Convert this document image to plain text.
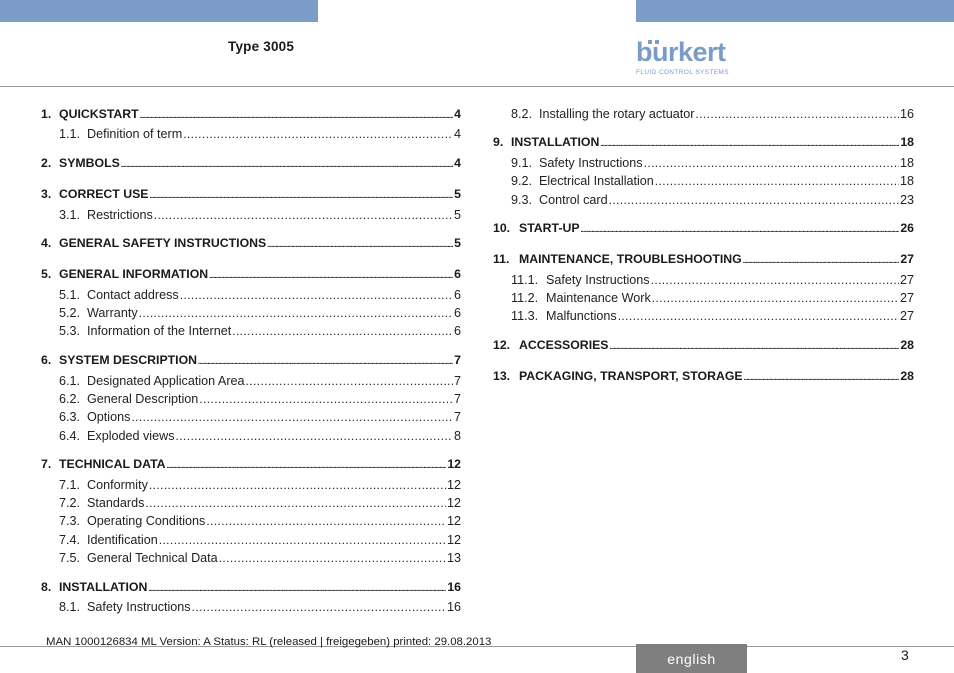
Type 3005	burkert
FLUID CONTROL SYSTEMS
1. QUICKSTART .....	4
1.1. Definition of term .....	4
2. SYMBOLS .....	4
3. CORRECT USE .....	5
3.1. Restrictions .....	5
4. GENERAL SAFETY INSTRUCTIONS .....	5
5. GENERAL INFORMATION .....	6
5.1. Contact address .....	6
5.2. Warranty .....	6
5.3. Information of the Internet .....	6
6. SYSTEM DESCRIPTION .....	7
6.1. Designated Application Area .....	7
6.2. General Description .....	7
6.3. Options .....	7
6.4. Exploded views .....	8
7. TECHNICAL DATA .....	12
7.1. Conformity .....	12
7.2. Standards .....	12
7.3. Operating Conditions .....	12
7.4. Identification .....	12
7.5. General Technical Data .....	13
8. INSTALLATION .....	16
8.1. Safety Instructions .....	16
8.2. Installing the rotary actuator .....	16
9. INSTALLATION .....	18
9.1. Safety Instructions .....	18
9.2. Electrical Installation .....	18
9.3. Control card .....	23
10. START-UP .....	26
11. MAINTENANCE, TROUBLESHOOTING .....	27
11.1. Safety Instructions .....	27
11.2. Maintenance Work .....	27
11.3. Malfunctions .....	27
12. ACCESSORIES .....	28
13. PACKAGING, TRANSPORT, STORAGE .....	28
MAN 1000126834 ML Version: A Status: RL (released | freigegeben) printed: 29.08.2013
english	3
